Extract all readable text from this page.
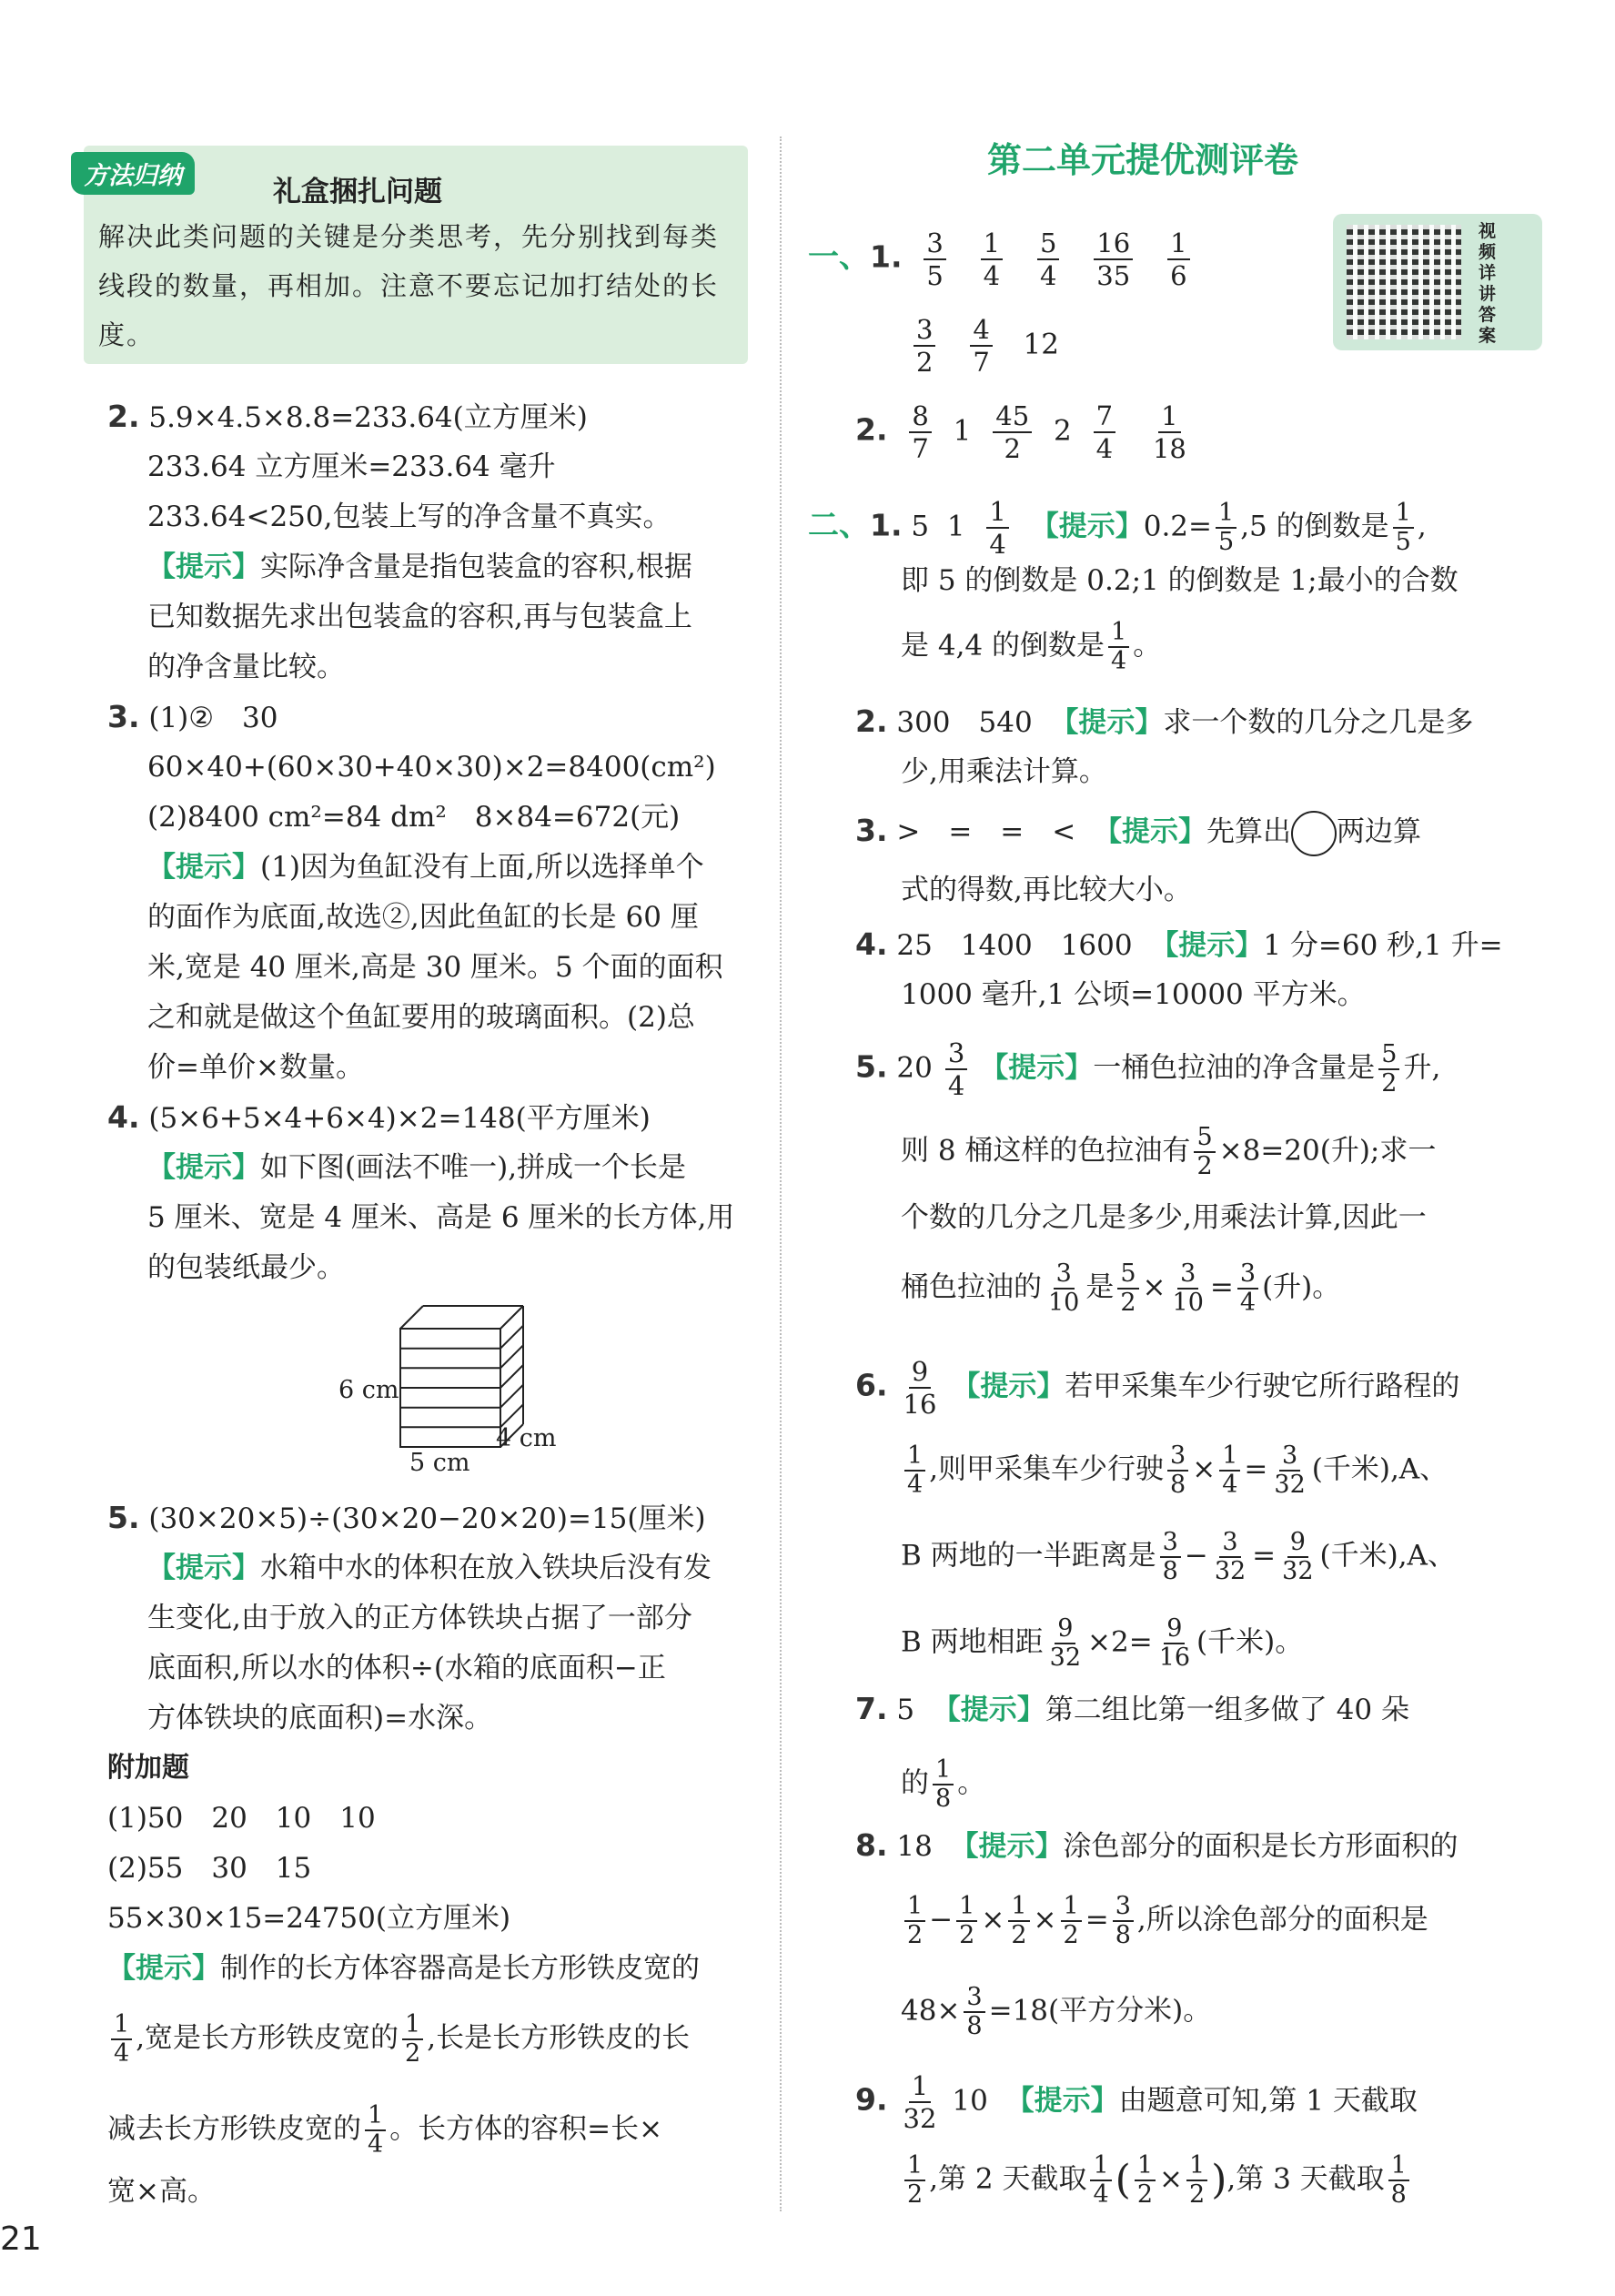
方法归纳	礼盒捆扎问题
解决此类问题的关键是分类思考，先分别找到每类线段的数量，再相加。注意不要忘记加打结处的长度。
2. 5.9×4.5×8.8=233.64(立方厘米)
233.64 立方厘米=233.64 毫升
233.64<250,包装上写的净含量不真实。
【提示】实际净含量是指包装盒的容积,根据
已知数据先求出包装盒的容积,再与包装盒上
的净含量比较。
3. (1)②　30
60×40+(60×30+40×30)×2=8400(cm²)
(2)8400 cm²=84 dm²　8×84=672(元)
【提示】(1)因为鱼缸没有上面,所以选择单个
的面作为底面,故选②,因此鱼缸的长是 60 厘
米,宽是 40 厘米,高是 30 厘米。5 个面的面积
之和就是做这个鱼缸要用的玻璃面积。(2)总
价=单价×数量。
4. (5×6+5×4+6×4)×2=148(平方厘米)
【提示】如下图(画法不唯一),拼成一个长是
5 厘米、宽是 4 厘米、高是 6 厘米的长方体,用
的包装纸最少。
6 cm
4 cm
5 cm
5. (30×20×5)÷(30×20−20×20)=15(厘米)
【提示】水箱中水的体积在放入铁块后没有发
生变化,由于放入的正方体铁块占据了一部分
底面积,所以水的体积÷(水箱的底面积−正
方体铁块的底面积)=水深。
附加题
(1)50　20　10　10
(2)55　30　15
55×30×15=24750(立方厘米)
【提示】制作的长方体容器高是长方形铁皮宽的
$\frac{1}{4}$ ,宽是长方形铁皮宽的 $\frac{1}{2}$ ,长是长方形铁皮的长
减去长方形铁皮宽的 $\frac{1}{4}$ 。长方体的容积=长×
宽×高。
第二单元提优测评卷
视频详讲答案
一、1. $\frac{3}{5}$
$\frac{1}{4}$
$\frac{5}{4}$
$\frac{16}{35}$
$\frac{1}{6}$
$\frac{3}{2}$
$\frac{4}{7} 12$
2. $\frac{8}{7} 1 \frac{45}{2} 2 \frac{7}{4}$
$\frac{1}{18}$
二、1. 5 $1 \frac{1}{4}$ 【提示】$0.2= \frac{1}{5} ,5$ 的倒数是 $\frac{1}{5}$ ,
即 5 的倒数是 0.2;1 的倒数是 1;最小的合数
是 4,4 的倒数是 $\frac{1}{4}$ 。
2. 300　540 【提示】求一个数的几分之几是多
少,用乘法计算。
3. >　=　=　< 【提示】先算出 两边算
式的得数,再比较大小。
4. 25　1400　1600 【提示】1 分=60 秒,1 升=
1000 毫升,1 公顷=10000 平方米。
5. $20 \frac{3}{4}$ 【提示】一桶色拉油的净含量是 $\frac{5}{2}$ 升,
则 8 桶这样的色拉油有 $\frac{5}{2} \times 8=20$(升);求一
个数的几分之几是多少,用乘法计算,因此一
桶色拉油的 $\frac{3}{10}$ 是 $\frac{5}{2} \times \frac{3}{10} = \frac{3}{4}$ (升)。
6. $\frac{9}{16}$ 【提示】若甲采集车少行驶它所行路程的
$\frac{1}{4}$ ,则甲采集车少行驶 $\frac{3}{8} \times \frac{1}{4} = \frac{3}{32}$ (千米),A、
B 两地的一半距离是 $\frac{3}{8} - \frac{3}{32} = \frac{9}{32}$ (千米),A、
B 两地相距 $\frac{9}{32} \times 2= \frac{9}{16}$ (千米)。
7. 5 【提示】第二组比第一组多做了 40 朵
的 $\frac{1}{8}$ 。
8. 18 【提示】涂色部分的面积是长方形面积的
$\frac{1}{2} - \frac{1}{2} \times \frac{1}{2} \times \frac{1}{2} = \frac{3}{8}$ ,所以涂色部分的面积是
$48\times \frac{3}{8} =18$(平方分米)。
9. $\frac{1}{32} 10$ 【提示】由题意可知,第 1 天截取
$\frac{1}{2}$ ,第 2 天截取 $\frac{1}{4}$ ( $\frac{1}{2} \times \frac{1}{2}$ ),第 3 天截取 $\frac{1}{8}$
21
